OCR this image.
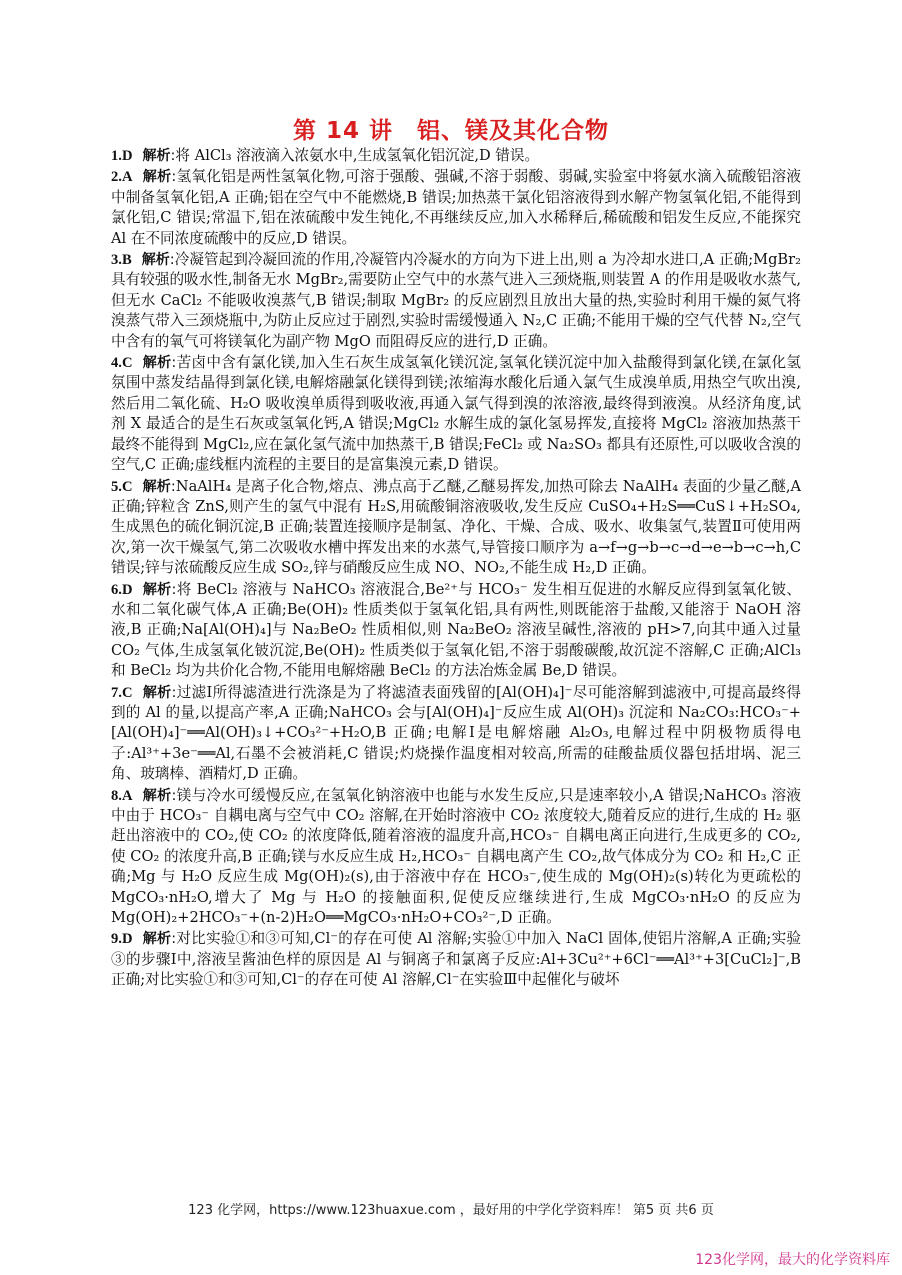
第 14 讲　铝、镁及其化合物

1.D 解析:将 AlCl₃ 溶液滴入浓氨水中,生成氢氧化铝沉淀,D 错误。

2.A 解析:氢氧化铝是两性氢氧化物,可溶于强酸、强碱,不溶于弱酸、弱碱,实验室中将氨水滴入硫酸铝溶液中制备氢氧化铝,A 正确;铝在空气中不能燃烧,B 错误;加热蒸干氯化铝溶液得到水解产物氢氧化铝,不能得到氯化铝,C 错误;常温下,铝在浓硫酸中发生钝化,不再继续反应,加入水稀释后,稀硫酸和铝发生反应,不能探究 Al 在不同浓度硫酸中的反应,D 错误。

3.B 解析:冷凝管起到冷凝回流的作用,冷凝管内冷凝水的方向为下进上出,则 a 为冷却水进口,A 正确;MgBr₂ 具有较强的吸水性,制备无水 MgBr₂,需要防止空气中的水蒸气进入三颈烧瓶,则装置 A 的作用是吸收水蒸气,但无水 CaCl₂ 不能吸收溴蒸气,B 错误;制取 MgBr₂ 的反应剧烈且放出大量的热,实验时利用干燥的氮气将溴蒸气带入三颈烧瓶中,为防止反应过于剧烈,实验时需缓慢通入 N₂,C 正确;不能用干燥的空气代替 N₂,空气中含有的氧气可将镁氧化为副产物 MgO 而阻碍反应的进行,D 正确。

4.C 解析:苦卤中含有氯化镁,加入生石灰生成氢氧化镁沉淀,氢氧化镁沉淀中加入盐酸得到氯化镁,在氯化氢氛围中蒸发结晶得到氯化镁,电解熔融氯化镁得到镁;浓缩海水酸化后通入氯气生成溴单质,用热空气吹出溴,然后用二氧化硫、H₂O 吸收溴单质得到吸收液,再通入氯气得到溴的浓溶液,最终得到液溴。从经济角度,试剂 X 最适合的是生石灰或氢氧化钙,A 错误;MgCl₂ 水解生成的氯化氢易挥发,直接将 MgCl₂ 溶液加热蒸干最终不能得到 MgCl₂,应在氯化氢气流中加热蒸干,B 错误;FeCl₂ 或 Na₂SO₃ 都具有还原性,可以吸收含溴的空气,C 正确;虚线框内流程的主要目的是富集溴元素,D 错误。

5.C 解析:NaAlH₄ 是离子化合物,熔点、沸点高于乙醚,乙醚易挥发,加热可除去 NaAlH₄ 表面的少量乙醚,A 正确;锌粒含 ZnS,则产生的氢气中混有 H₂S,用硫酸铜溶液吸收,发生反应 CuSO₄+H₂S══CuS↓+H₂SO₄,生成黑色的硫化铜沉淀,B 正确;装置连接顺序是制氢、净化、干燥、合成、吸水、收集氢气,装置Ⅱ可使用两次,第一次干燥氢气,第二次吸收水槽中挥发出来的水蒸气,导管接口顺序为 a→f→g→b→c→d→e→b→c→h,C 错误;锌与浓硫酸反应生成 SO₂,锌与硝酸反应生成 NO、NO₂,不能生成 H₂,D 正确。

6.D 解析:将 BeCl₂ 溶液与 NaHCO₃ 溶液混合,Be²⁺与 HCO₃⁻ 发生相互促进的水解反应得到氢氧化铍、水和二氧化碳气体,A 正确;Be(OH)₂ 性质类似于氢氧化铝,具有两性,则既能溶于盐酸,又能溶于 NaOH 溶液,B 正确;Na[Al(OH)₄]与 Na₂BeO₂ 性质相似,则 Na₂BeO₂ 溶液呈碱性,溶液的 pH>7,向其中通入过量 CO₂ 气体,生成氢氧化铍沉淀,Be(OH)₂ 性质类似于氢氧化铝,不溶于弱酸碳酸,故沉淀不溶解,C 正确;AlCl₃ 和 BeCl₂ 均为共价化合物,不能用电解熔融 BeCl₂ 的方法冶炼金属 Be,D 错误。

7.C 解析:过滤Ⅰ所得滤渣进行洗涤是为了将滤渣表面残留的[Al(OH)₄]⁻尽可能溶解到滤液中,可提高最终得到的 Al 的量,以提高产率,A 正确;NaHCO₃ 会与[Al(OH)₄]⁻反应生成 Al(OH)₃ 沉淀和 Na₂CO₃:HCO₃⁻+[Al(OH)₄]⁻══Al(OH)₃↓+CO₃²⁻+H₂O,B 正确;电解Ⅰ是电解熔融 Al₂O₃,电解过程中阴极物质得电子:Al³⁺+3e⁻══Al,石墨不会被消耗,C 错误;灼烧操作温度相对较高,所需的硅酸盐质仪器包括坩埚、泥三角、玻璃棒、酒精灯,D 正确。

8.A 解析:镁与冷水可缓慢反应,在氢氧化钠溶液中也能与水发生反应,只是速率较小,A 错误;NaHCO₃ 溶液中由于 HCO₃⁻ 自耦电离与空气中 CO₂ 溶解,在开始时溶液中 CO₂ 浓度较大,随着反应的进行,生成的 H₂ 驱赶出溶液中的 CO₂,使 CO₂ 的浓度降低,随着溶液的温度升高,HCO₃⁻ 自耦电离正向进行,生成更多的 CO₂,使 CO₂ 的浓度升高,B 正确;镁与水反应生成 H₂,HCO₃⁻ 自耦电离产生 CO₂,故气体成分为 CO₂ 和 H₂,C 正确;Mg 与 H₂O 反应生成 Mg(OH)₂(s),由于溶液中存在 HCO₃⁻,使生成的 Mg(OH)₂(s)转化为更疏松的 MgCO₃·nH₂O,增大了 Mg 与 H₂O 的接触面积,促使反应继续进行,生成 MgCO₃·nH₂O 的反应为 Mg(OH)₂+2HCO₃⁻+(n-2)H₂O══MgCO₃·nH₂O+CO₃²⁻,D 正确。

9.D 解析:对比实验①和③可知,Cl⁻的存在可使 Al 溶解;实验①中加入 NaCl 固体,使铝片溶解,A 正确;实验③的步骤Ⅰ中,溶液呈酱油色样的原因是 Al 与铜离子和氯离子反应:Al+3Cu²⁺+6Cl⁻══Al³⁺+3[CuCl₂]⁻,B 正确;对比实验①和③可知,Cl⁻的存在可使 Al 溶解,Cl⁻在实验Ⅲ中起催化与破坏

123 化学网，https://www.123huaxue.com ，最好用的中学化学资料库！ 第5 页 共6 页
123化学网，最大的化学资料库
